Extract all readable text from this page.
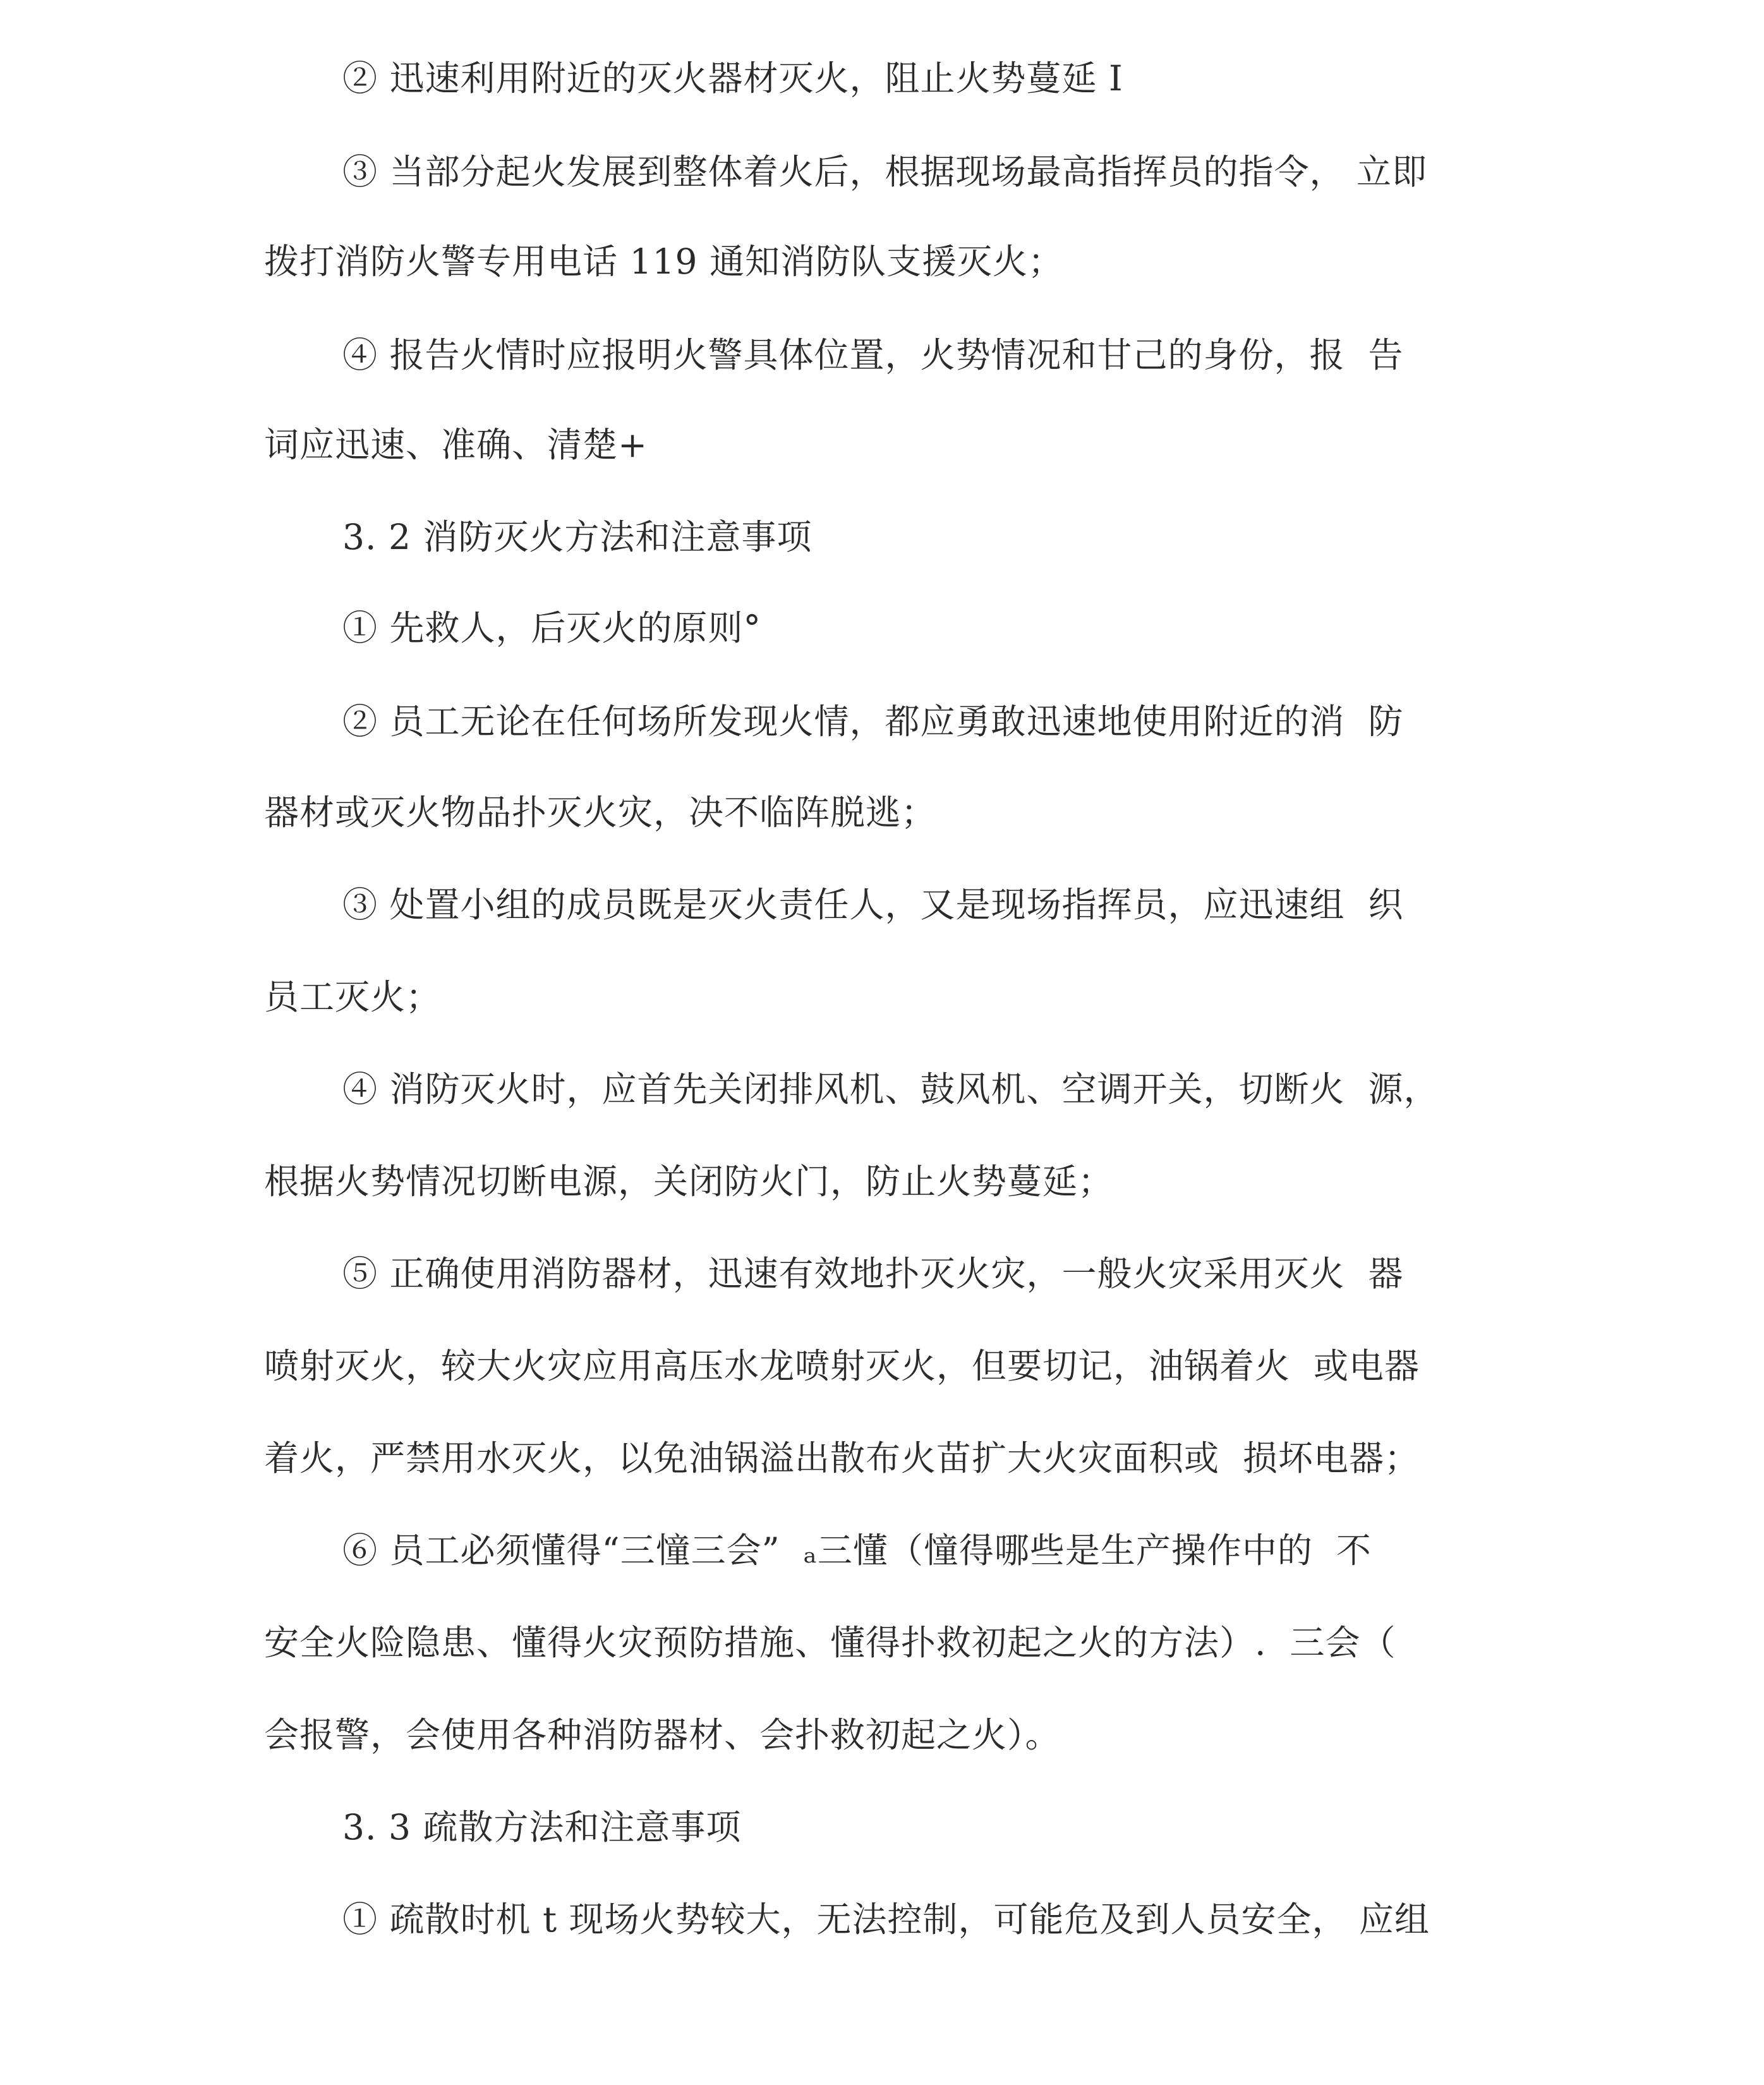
② 迅速利用附近的灭火器材灭火，阻止火势蔓延 I
③ 当部分起火发展到整体着火后，根据现场最高指挥员的指令， 立即
拨打消防火警专用电话 119 通知消防队支援灭火；
④ 报告火情时应报明火警具体位置，火势情况和甘己的身份，报  告
词应迅速、准确、清楚+
3. 2 消防灭火方法和注意事项
① 先救人，后灭火的原则°
② 员工无论在任何场所发现火情，都应勇敢迅速地使用附近的消  防
器材或灭火物品扑灭火灾，决不临阵脱逃；
③ 处置小组的成员既是灭火责任人，又是现场指挥员，应迅速组  织
员工灭火；
④ 消防灭火时，应首先关闭排风机、鼓风机、空调开关，切断火  源，
根据火势情况切断电源，关闭防火门，防止火势蔓延；
⑤ 正确使用消防器材，迅速有效地扑灭火灾，一般火灾采用灭火  器
喷射灭火，较大火灾应用高压水龙喷射灭火，但要切记，油锅着火  或电器
着火，严禁用水灭火，以免油锅溢出散布火苗扩大火灾面积或  损坏电器；
⑥ 员工必须懂得“三憧三会”  ₐ三懂（憧得哪些是生产操作中的  不
安全火险隐患、懂得火灾预防措施、懂得扑救初起之火的方法）.  三会（
会报警，会使用各种消防器材、会扑救初起之火）。
3. 3 疏散方法和注意事项
① 疏散时机 t 现场火势较大，无法控制，可能危及到人员安全， 应组
